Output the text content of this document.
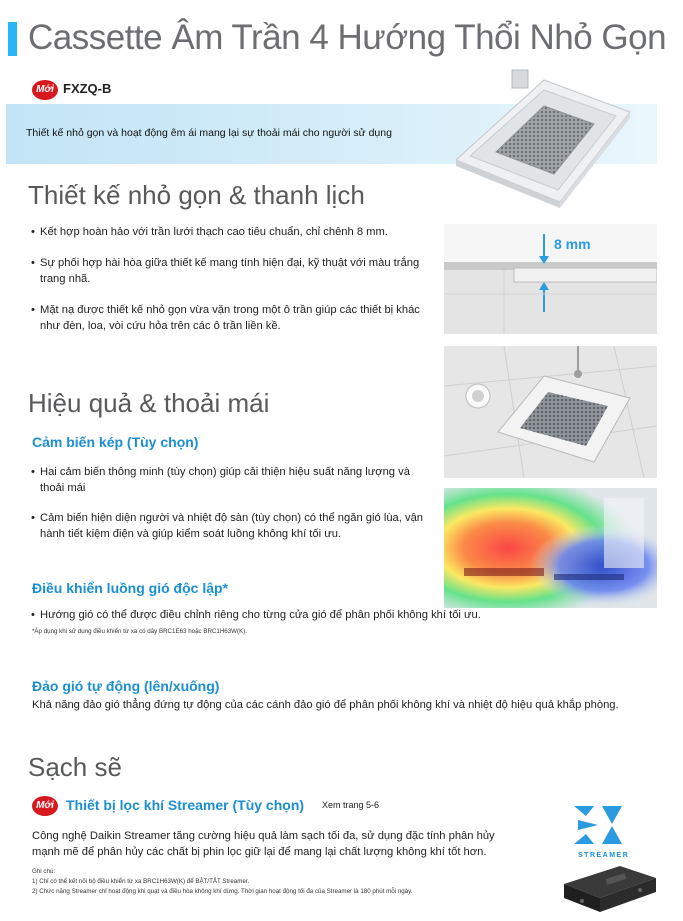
Cassette Âm Trần 4 Hướng Thổi Nhỏ Gọn
Mới FXZQ-B
Thiết kế nhỏ gọn và hoạt động êm ái mang lại sự thoải mái cho người sử dụng
Thiết kế nhỏ gọn & thanh lịch

• Kết hợp hoàn hảo với trần lưới thạch cao tiêu chuẩn, chỉ chênh 8 mm.

• Sự phối hợp hài hòa giữa thiết kế mang tính hiện đại, kỹ thuật với màu trắng trang nhã.

• Mặt nạ được thiết kế nhỏ gọn vừa vặn trong một ô trần giúp các thiết bị khác như đèn, loa, vòi cứu hỏa trên các ô trần liền kề.

8 mm
Hiệu quả & thoải mái
Cảm biến kép (Tùy chọn)

• Hai cảm biến thông minh (tùy chọn) giúp cải thiện hiệu suất năng lượng và thoải mái

• Cảm biến hiện diện người và nhiệt độ sàn (tùy chọn) có thể ngăn gió lùa, vận hành tiết kiệm điện và giúp kiểm soát luồng không khí tối ưu.

Điều khiển luồng gió độc lập*

• Hướng gió có thể được điều chỉnh riêng cho từng cửa gió để phân phối không khí tối ưu.

*Áp dụng khi sử dụng điều khiển từ xa có dây BRC1E63 hoặc BRC1H63W(K).
Đảo gió tự động (lên/xuống)

Khả năng đảo gió thẳng đứng tự động của các cánh đảo gió để phân phối không khí và nhiệt độ hiệu quả khắp phòng.

Sạch sẽ
Mới Thiết bị lọc khí Streamer (Tùy chọn) Xem trang 5-6

Công nghệ Daikin Streamer tăng cường hiệu quả làm sạch tối đa, sử dụng đặc tính phân hủy mạnh mẽ để phân hủy các chất bị phin lọc giữ lại để mang lại chất lượng không khí tốt hơn.

Ghi chú:
1) Chỉ có thể kết nối bộ điều khiển từ xa BRC1H63W(K) để BẬT/TẮT Streamer.
2) Chức năng Streamer chỉ hoạt động khi quạt và điều hòa không khí dừng. Thời gian hoạt động tối đa của Streamer là 180 phút mỗi ngày.
STREAMER
